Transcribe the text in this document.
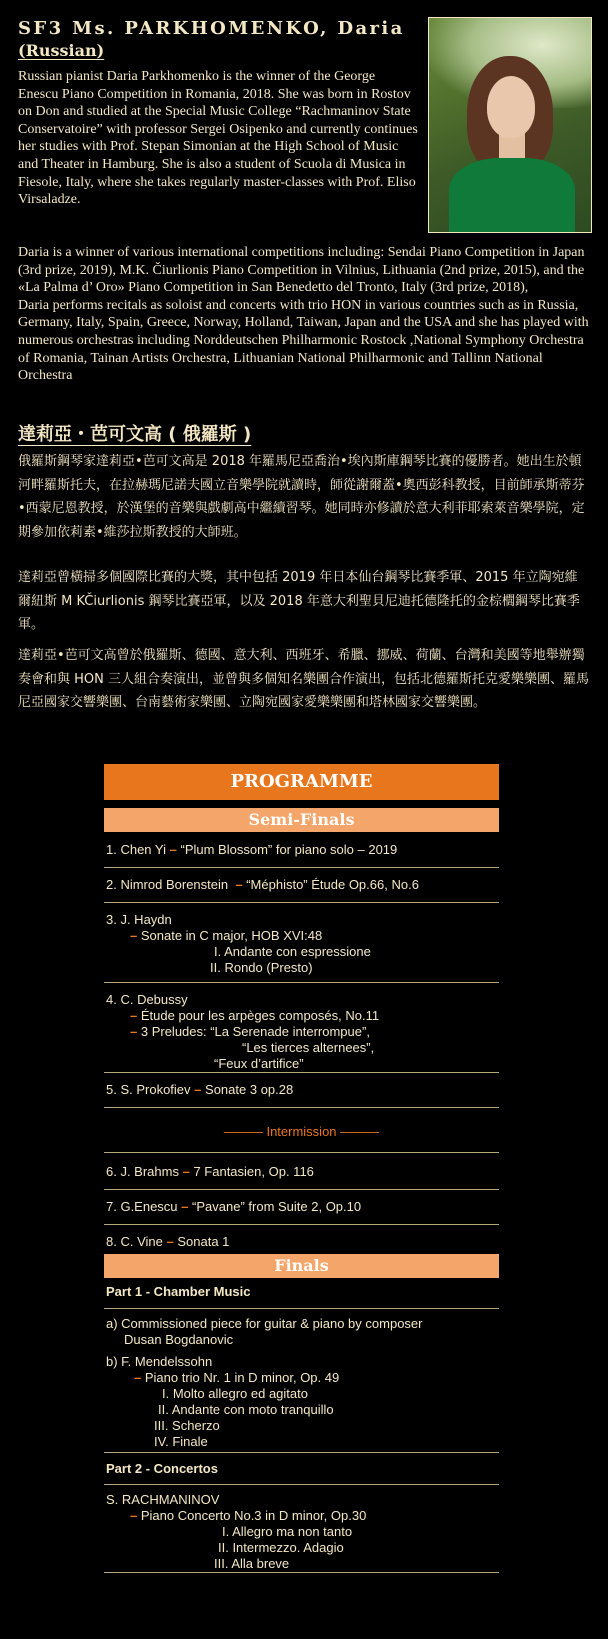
SF3 Ms. PARKHOMENKO, Daria
(Russian)

Russian pianist Daria Parkhomenko is the winner of the George Enescu Piano Competition in Romania, 2018. She was born in Rostov on Don and studied at the Special Music College “Rachmaninov State Conservatoire” with professor Sergei Osipenko and currently continues her studies with Prof. Stepan Simonian at the High School of Music and Theater in Hamburg. She is also a student of Scuola di Musica in Fiesole, Italy, where she takes regularly master-classes with Prof. Eliso Virsaladze.

Daria is a winner of various international competitions including: Sendai Piano Competition in Japan (3rd prize, 2019), M.K. Čiurlionis Piano Competition in Vilnius, Lithuania (2nd prize, 2015), and the «La Palma d’ Oro» Piano Competition in San Benedetto del Tronto, Italy (3rd prize, 2018),

Daria performs recitals as soloist and concerts with trio HON in various countries such as in Russia, Germany, Italy, Spain, Greece, Norway, Holland, Taiwan, Japan and the USA and she has played with numerous orchestras including Norddeutschen Philharmonic Rostock ,National Symphony Orchestra of Romania, Tainan Artists Orchestra, Lithuanian National Philharmonic and Tallinn National Orchestra

達莉亞・芭可文高 ( 俄羅斯 )

俄羅斯鋼琴家達莉亞•芭可文高是 2018 年羅馬尼亞喬治•埃內斯庫鋼琴比賽的優勝者。她出生於頓河畔羅斯托夫，在拉赫瑪尼諾夫國立音樂學院就讀時，師從謝爾蓋•奧西彭科教授，目前師承斯蒂芬•西蒙尼恩教授，於漢堡的音樂與戲劇高中繼續習琴。她同時亦修讀於意大利菲耶索萊音樂學院，定期參加依莉素•維莎拉斯教授的大師班。

達莉亞曾橫掃多個國際比賽的大獎，其中包括 2019 年日本仙台鋼琴比賽季軍、2015 年立陶宛維爾紐斯 M KČiurlionis 鋼琴比賽亞軍，以及 2018 年意大利聖貝尼迪托德隆托的金棕櫚鋼琴比賽季軍。

達莉亞•芭可文高曾於俄羅斯、德國、意大利、西班牙、希臘、挪威、荷蘭、台灣和美國等地舉辦獨奏會和與 HON 三人組合奏演出，並曾與多個知名樂團合作演出，包括北德羅斯托克愛樂樂團、羅馬尼亞國家交響樂團、台南藝術家樂團、立陶宛國家愛樂樂團和塔林國家交響樂團。

PROGRAMME
Semi-Finals
1. Chen Yi – “Plum Blossom” for piano solo – 2019
2. Nimrod Borenstein – “Méphisto” Étude Op.66, No.6
3. J. Haydn
– Sonate in C major, HOB XVI:48
I. Andante con espressione
II. Rondo (Presto)
4. C. Debussy
– Étude pour les arpèges composés, No.11
– 3 Preludes: “La Serenade interrompue”,
“Les tierces alternees”,
“Feux d’artifice”
5. S. Prokofiev – Sonate 3 op.28
——— Intermission ———
6. J. Brahms – 7 Fantasien, Op. 116
7. G.Enescu – “Pavane” from Suite 2, Op.10
8. C. Vine – Sonata 1
Finals
Part 1 - Chamber Music
a) Commissioned piece for guitar & piano by composer
Dusan Bogdanovic
b) F. Mendelssohn
– Piano trio Nr. 1 in D minor, Op. 49
I. Molto allegro ed agitato
II. Andante con moto tranquillo
III. Scherzo
IV. Finale
Part 2 - Concertos
S. RACHMANINOV
– Piano Concerto No.3 in D minor, Op.30
I. Allegro ma non tanto
II. Intermezzo. Adagio
III. Alla breve
